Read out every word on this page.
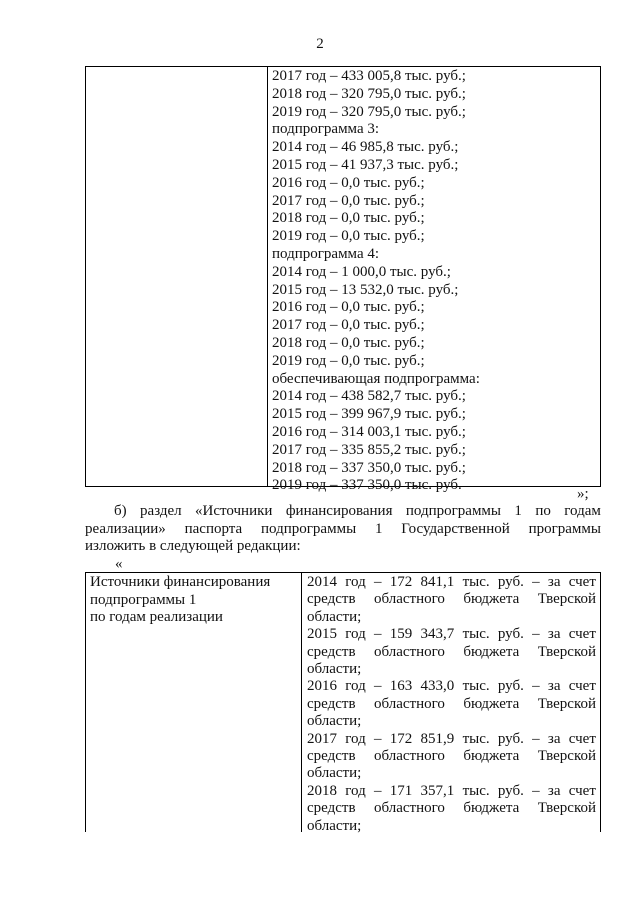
2
2017 год – 433 005,8 тыс. руб.;
2018 год – 320 795,0 тыс. руб.;
2019 год – 320 795,0 тыс. руб.;
подпрограмма 3:
2014 год – 46 985,8 тыс. руб.;
2015 год – 41 937,3 тыс. руб.;
2016 год – 0,0 тыс. руб.;
2017 год – 0,0 тыс. руб.;
2018 год – 0,0 тыс. руб.;
2019 год – 0,0 тыс. руб.;
подпрограмма 4:
2014 год – 1 000,0 тыс. руб.;
2015 год – 13 532,0 тыс. руб.;
2016 год – 0,0 тыс. руб.;
2017 год – 0,0 тыс. руб.;
2018 год – 0,0 тыс. руб.;
2019 год – 0,0 тыс. руб.;
обеспечивающая подпрограмма:
2014 год – 438 582,7 тыс. руб.;
2015 год – 399 967,9 тыс. руб.;
2016 год – 314 003,1 тыс. руб.;
2017 год – 335 855,2 тыс. руб.;
2018 год – 337 350,0 тыс. руб.;
2019 год – 337 350,0 тыс. руб.
»;
б) раздел «Источники финансирования подпрограммы 1 по годам
реализации» паспорта подпрограммы 1 Государственной программы
изложить в следующей редакции:
«
Источники финансирования
подпрограммы 1
по годам реализации
2014 год – 172 841,1 тыс. руб. – за счет
средств областного бюджета Тверской
области;
2015 год – 159 343,7 тыс. руб. – за счет
средств областного бюджета Тверской
области;
2016 год – 163 433,0 тыс. руб. – за счет
средств областного бюджета Тверской
области;
2017 год – 172 851,9 тыс. руб. – за счет
средств областного бюджета Тверской
области;
2018 год – 171 357,1 тыс. руб. – за счет
средств областного бюджета Тверской
области;
